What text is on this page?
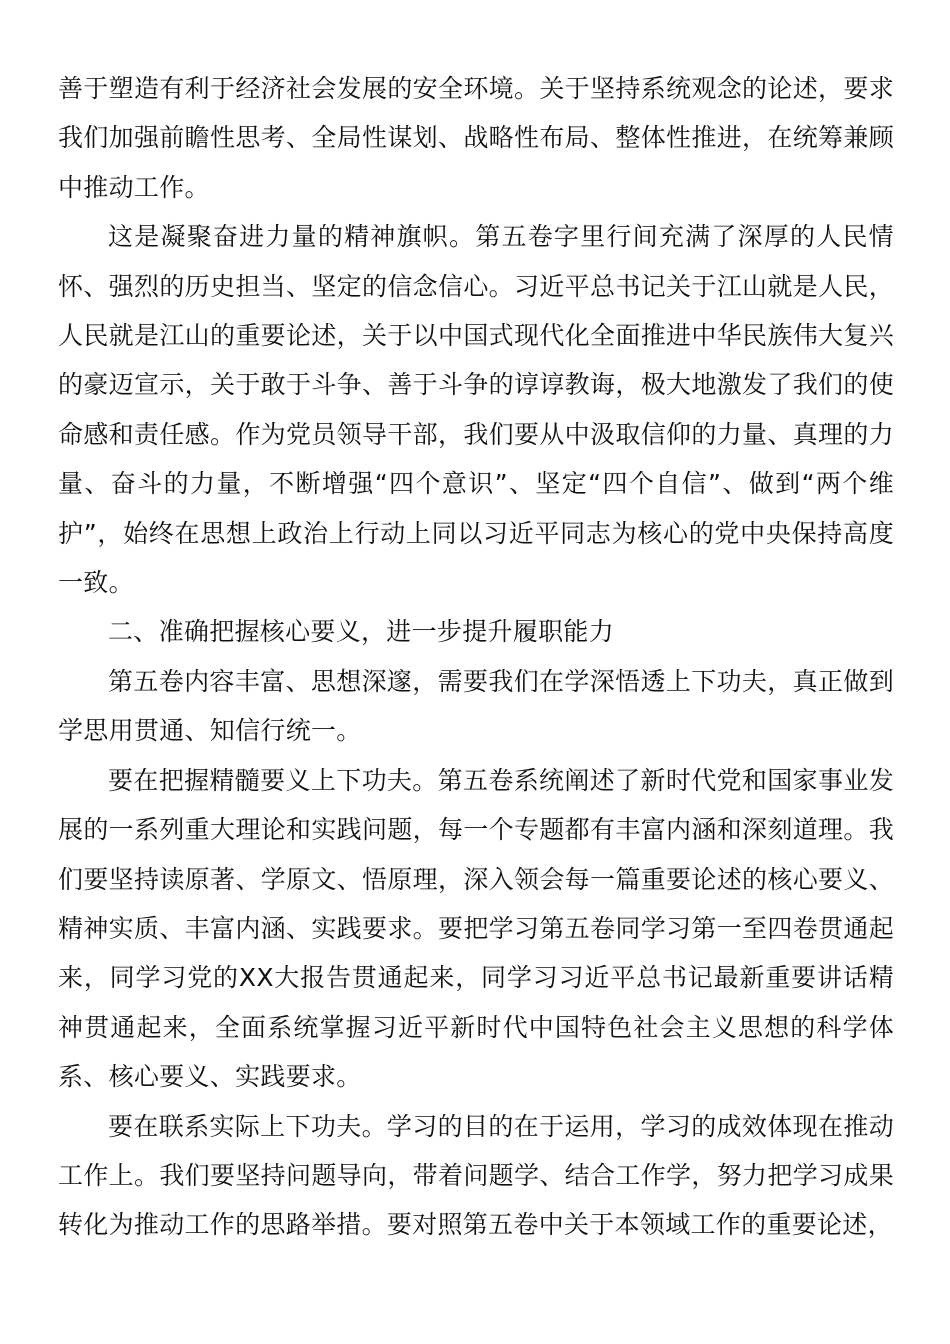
善于塑造有利于经济社会发展的安全环境。关于坚持系统观念的论述，要求我们加强前瞻性思考、全局性谋划、战略性布局、整体性推进，在统筹兼顾中推动工作。

这是凝聚奋进力量的精神旗帜。第五卷字里行间充满了深厚的人民情怀、强烈的历史担当、坚定的信念信心。习近平总书记关于江山就是人民，人民就是江山的重要论述，关于以中国式现代化全面推进中华民族伟大复兴的豪迈宣示，关于敢于斗争、善于斗争的谆谆教诲，极大地激发了我们的使命感和责任感。作为党员领导干部，我们要从中汲取信仰的力量、真理的力量、奋斗的力量，不断增强“四个意识”、坚定“四个自信”、做到“两个维护”，始终在思想上政治上行动上同以习近平同志为核心的党中央保持高度一致。

二、准确把握核心要义，进一步提升履职能力

第五卷内容丰富、思想深邃，需要我们在学深悟透上下功夫，真正做到学思用贯通、知信行统一。

要在把握精髓要义上下功夫。第五卷系统阐述了新时代党和国家事业发展的一系列重大理论和实践问题，每一个专题都有丰富内涵和深刻道理。我们要坚持读原著、学原文、悟原理，深入领会每一篇重要论述的核心要义、精神实质、丰富内涵、实践要求。要把学习第五卷同学习第一至四卷贯通起来，同学习党的XX大报告贯通起来，同学习习近平总书记最新重要讲话精神贯通起来，全面系统掌握习近平新时代中国特色社会主义思想的科学体系、核心要义、实践要求。

要在联系实际上下功夫。学习的目的在于运用，学习的成效体现在推动工作上。我们要坚持问题导向，带着问题学、结合工作学，努力把学习成果转化为推动工作的思路举措。要对照第五卷中关于本领域工作的重要论述，
